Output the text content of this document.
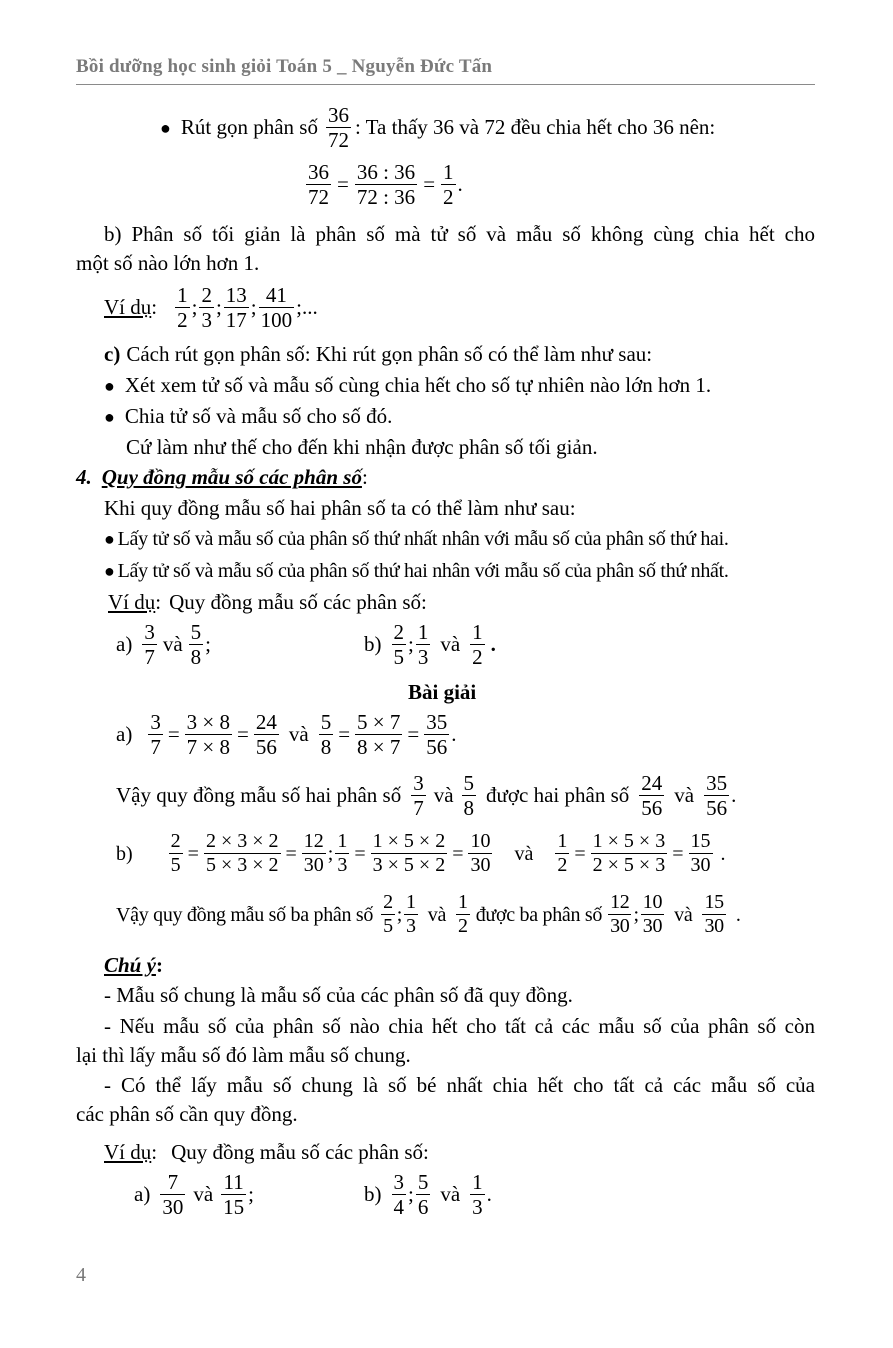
Bồi dưỡng học sinh giỏi Toán 5 _ Nguyễn Đức Tấn
● Rút gọn phân số
36
72
: Ta thấy 36 và 72 đều chia hết cho 36 nên:
36
72
=
36 : 36
72 : 36
=
1
2
.
b) Phân số tối giản là phân số mà tử số và mẫu số không cùng chia hết cho
một số nào lớn hơn 1.
Ví dụ :
1
2
;
2
3
;
13
17
;
41
100
;...
c) Cách rút gọn phân số: Khi rút gọn phân số có thể làm như sau:
● Xét xem tử số và mẫu số cùng chia hết cho số tự nhiên nào lớn hơn 1.
● Chia tử số và mẫu số cho số đó.
Cứ làm như thế cho đến khi nhận được phân số tối giản.
4. Quy đồng mẫu số các phân số :
Khi quy đồng mẫu số hai phân số ta có thể làm như sau:
● Lấy tử số và mẫu số của phân số thứ nhất nhân với mẫu số của phân số thứ hai.
● Lấy tử số và mẫu số của phân số thứ hai nhân với mẫu số của phân số thứ nhất.
Ví dụ : Quy đồng mẫu số các phân số:
a)
3
7
và
5
8
;	b)
2
5
;
1
3
và
1
2
.
Bài giải
a)
3
7
=
3 × 8
7 × 8
=
24
56
và
5
8
=
5 × 7
8 × 7
=
35
56
.
Vậy quy đồng mẫu số hai phân số
3
7
và
5
8
được hai phân số
24
56
và
35
56
.
b)
2
5
=
2 × 3 × 2
5 × 3 × 2
=
12
30
;
1
3
=
1 × 5 × 2
3 × 5 × 2
=
10
30
và
1
2
=
1 × 5 × 3
2 × 5 × 3
=
15
30
.
Vậy quy đồng mẫu số ba phân số
2
5
;
1
3
và
1
2
được ba phân số
12
30
;
10
30
và
15
30
.
Chú ý :
- Mẫu số chung là mẫu số của các phân số đã quy đồng.
- Nếu mẫu số của phân số nào chia hết cho tất cả các mẫu số của phân số còn
lại thì lấy mẫu số đó làm mẫu số chung.
- Có thể lấy mẫu số chung là số bé nhất chia hết cho tất cả các mẫu số của
các phân số cần quy đồng.
Ví dụ : Quy đồng mẫu số các phân số:
a)
7
30
và
11
15
;	b)
3
4
;
5
6
và
1
3
.
4
